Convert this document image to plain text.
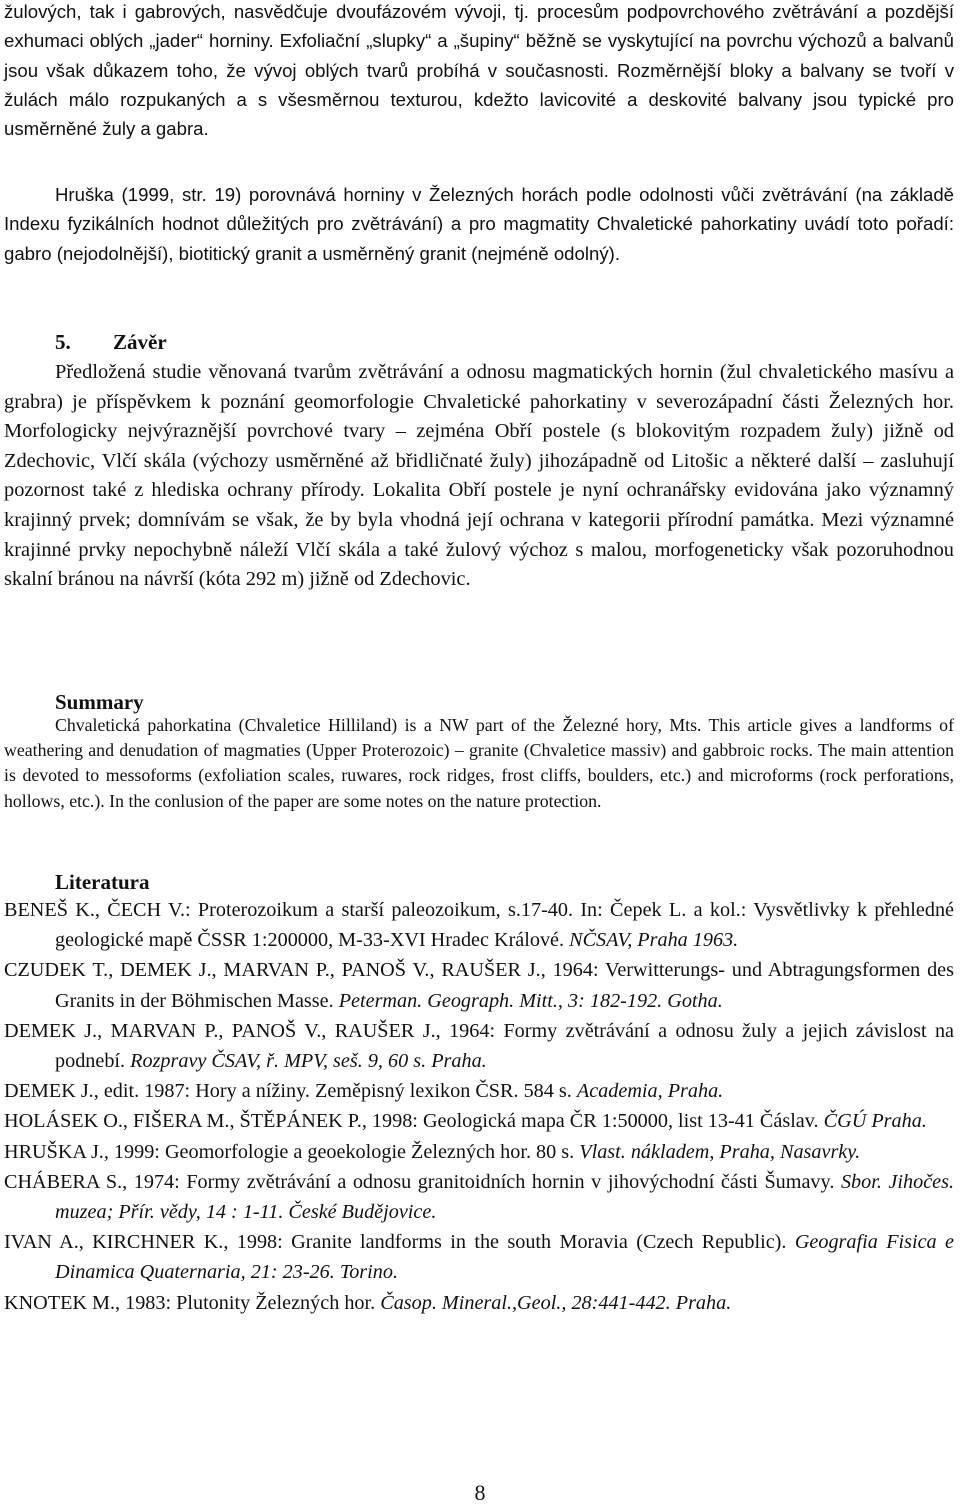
žulových, tak i gabrových, nasvědčuje dvoufázovém vývoji, tj. procesům podpovrchového zvětrávání a pozdější exhumaci oblých „jader“ horniny. Exfoliační „slupky“ a „šupiny“ běžně se vyskytující na povrchu výchozů a balvanů jsou však důkazem toho, že vývoj oblých tvarů probíhá v současnosti. Rozměrnější bloky a balvany se tvoří v žulách málo rozpukaných a s všesměrnou texturou, kdežto lavicovité a deskovité balvany jsou typické pro usměrněné žuly a gabra.

Hruška (1999, str. 19) porovnává horniny v Železných horách podle odolnosti vůči zvětrávání (na základě Indexu fyzikálních hodnot důležitých pro zvětrávání) a pro magmatity Chvaletické pahorkatiny uvádí toto pořadí: gabro (nejodolnější), biotitický granit a usměrněný granit (nejméně odolný).

5. Závěr

Předložená studie věnovaná tvarům zvětrávání a odnosu magmatických hornin (žul chvaletického masívu a grabra) je příspěvkem k poznání geomorfologie Chvaletické pahorkatiny v severozápadní části Železných hor. Morfologicky nejvýraznější povrchové tvary – zejména Obří postele (s blokovitým rozpadem žuly) jižně od Zdechovic, Vlčí skála (výchozy usměrněné až břidličnaté žuly) jihozápadně od Litošic a některé další – zasluhují pozornost také z hlediska ochrany přírody. Lokalita Obří postele je nyní ochranářsky evidována jako významný krajinný prvek; domnívám se však, že by byla vhodná její ochrana v kategorii přírodní památka. Mezi významné krajinné prvky nepochybně náleží Vlčí skála a také žulový výchoz s malou, morfogeneticky však pozoruhodnou skalní bránou na návrší (kóta 292 m) jižně od Zdechovic.

Summary

Chvaletická pahorkatina (Chvaletice Hilliland) is a NW part of the Železné hory, Mts. This article gives a landforms of weathering and denudation of magmaties (Upper Proterozoic) – granite (Chvaletice massiv) and gabbroic rocks. The main attention is devoted to messoforms (exfoliation scales, ruwares, rock ridges, frost cliffs, boulders, etc.) and microforms (rock perforations, hollows, etc.). In the conlusion of the paper are some notes on the nature protection.

Literatura
BENEŠ K., ČECH V.: Proterozoikum a starší paleozoikum, s.17-40. In: Čepek L. a kol.: Vysvětlivky k přehledné geologické mapě ČSSR 1:200000, M-33-XVI Hradec Králové. NČSAV, Praha 1963.
CZUDEK T., DEMEK J., MARVAN P., PANOŠ V., RAUŠER J., 1964: Verwitterungs- und Abtragungsformen des Granits in der Böhmischen Masse. Peterman. Geograph. Mitt., 3: 182-192. Gotha.
DEMEK J., MARVAN P., PANOŠ V., RAUŠER J., 1964: Formy zvětrávání a odnosu žuly a jejich závislost na podnebí. Rozpravy ČSAV, ř. MPV, seš. 9, 60 s. Praha.
DEMEK J., edit. 1987: Hory a nížiny. Zeměpisný lexikon ČSR. 584 s. Academia, Praha.
HOLÁSEK O., FIŠERA M., ŠTĚPÁNEK P., 1998: Geologická mapa ČR 1:50000, list 13-41 Čáslav. ČGÚ Praha.
HRUŠKA J., 1999: Geomorfologie a geoekologie Železných hor. 80 s. Vlast. nákladem, Praha, Nasavrky.
CHÁBERA S., 1974: Formy zvětrávání a odnosu granitoidních hornin v jihovýchodní části Šumavy. Sbor. Jihočes. muzea; Přír. vědy, 14 : 1-11. České Budějovice.
IVAN A., KIRCHNER K., 1998: Granite landforms in the south Moravia (Czech Republic). Geografia Fisica e Dinamica Quaternaria, 21: 23-26. Torino.
KNOTEK M., 1983: Plutonity Železných hor. Časop. Mineral.,Geol., 28:441-442. Praha.
8
